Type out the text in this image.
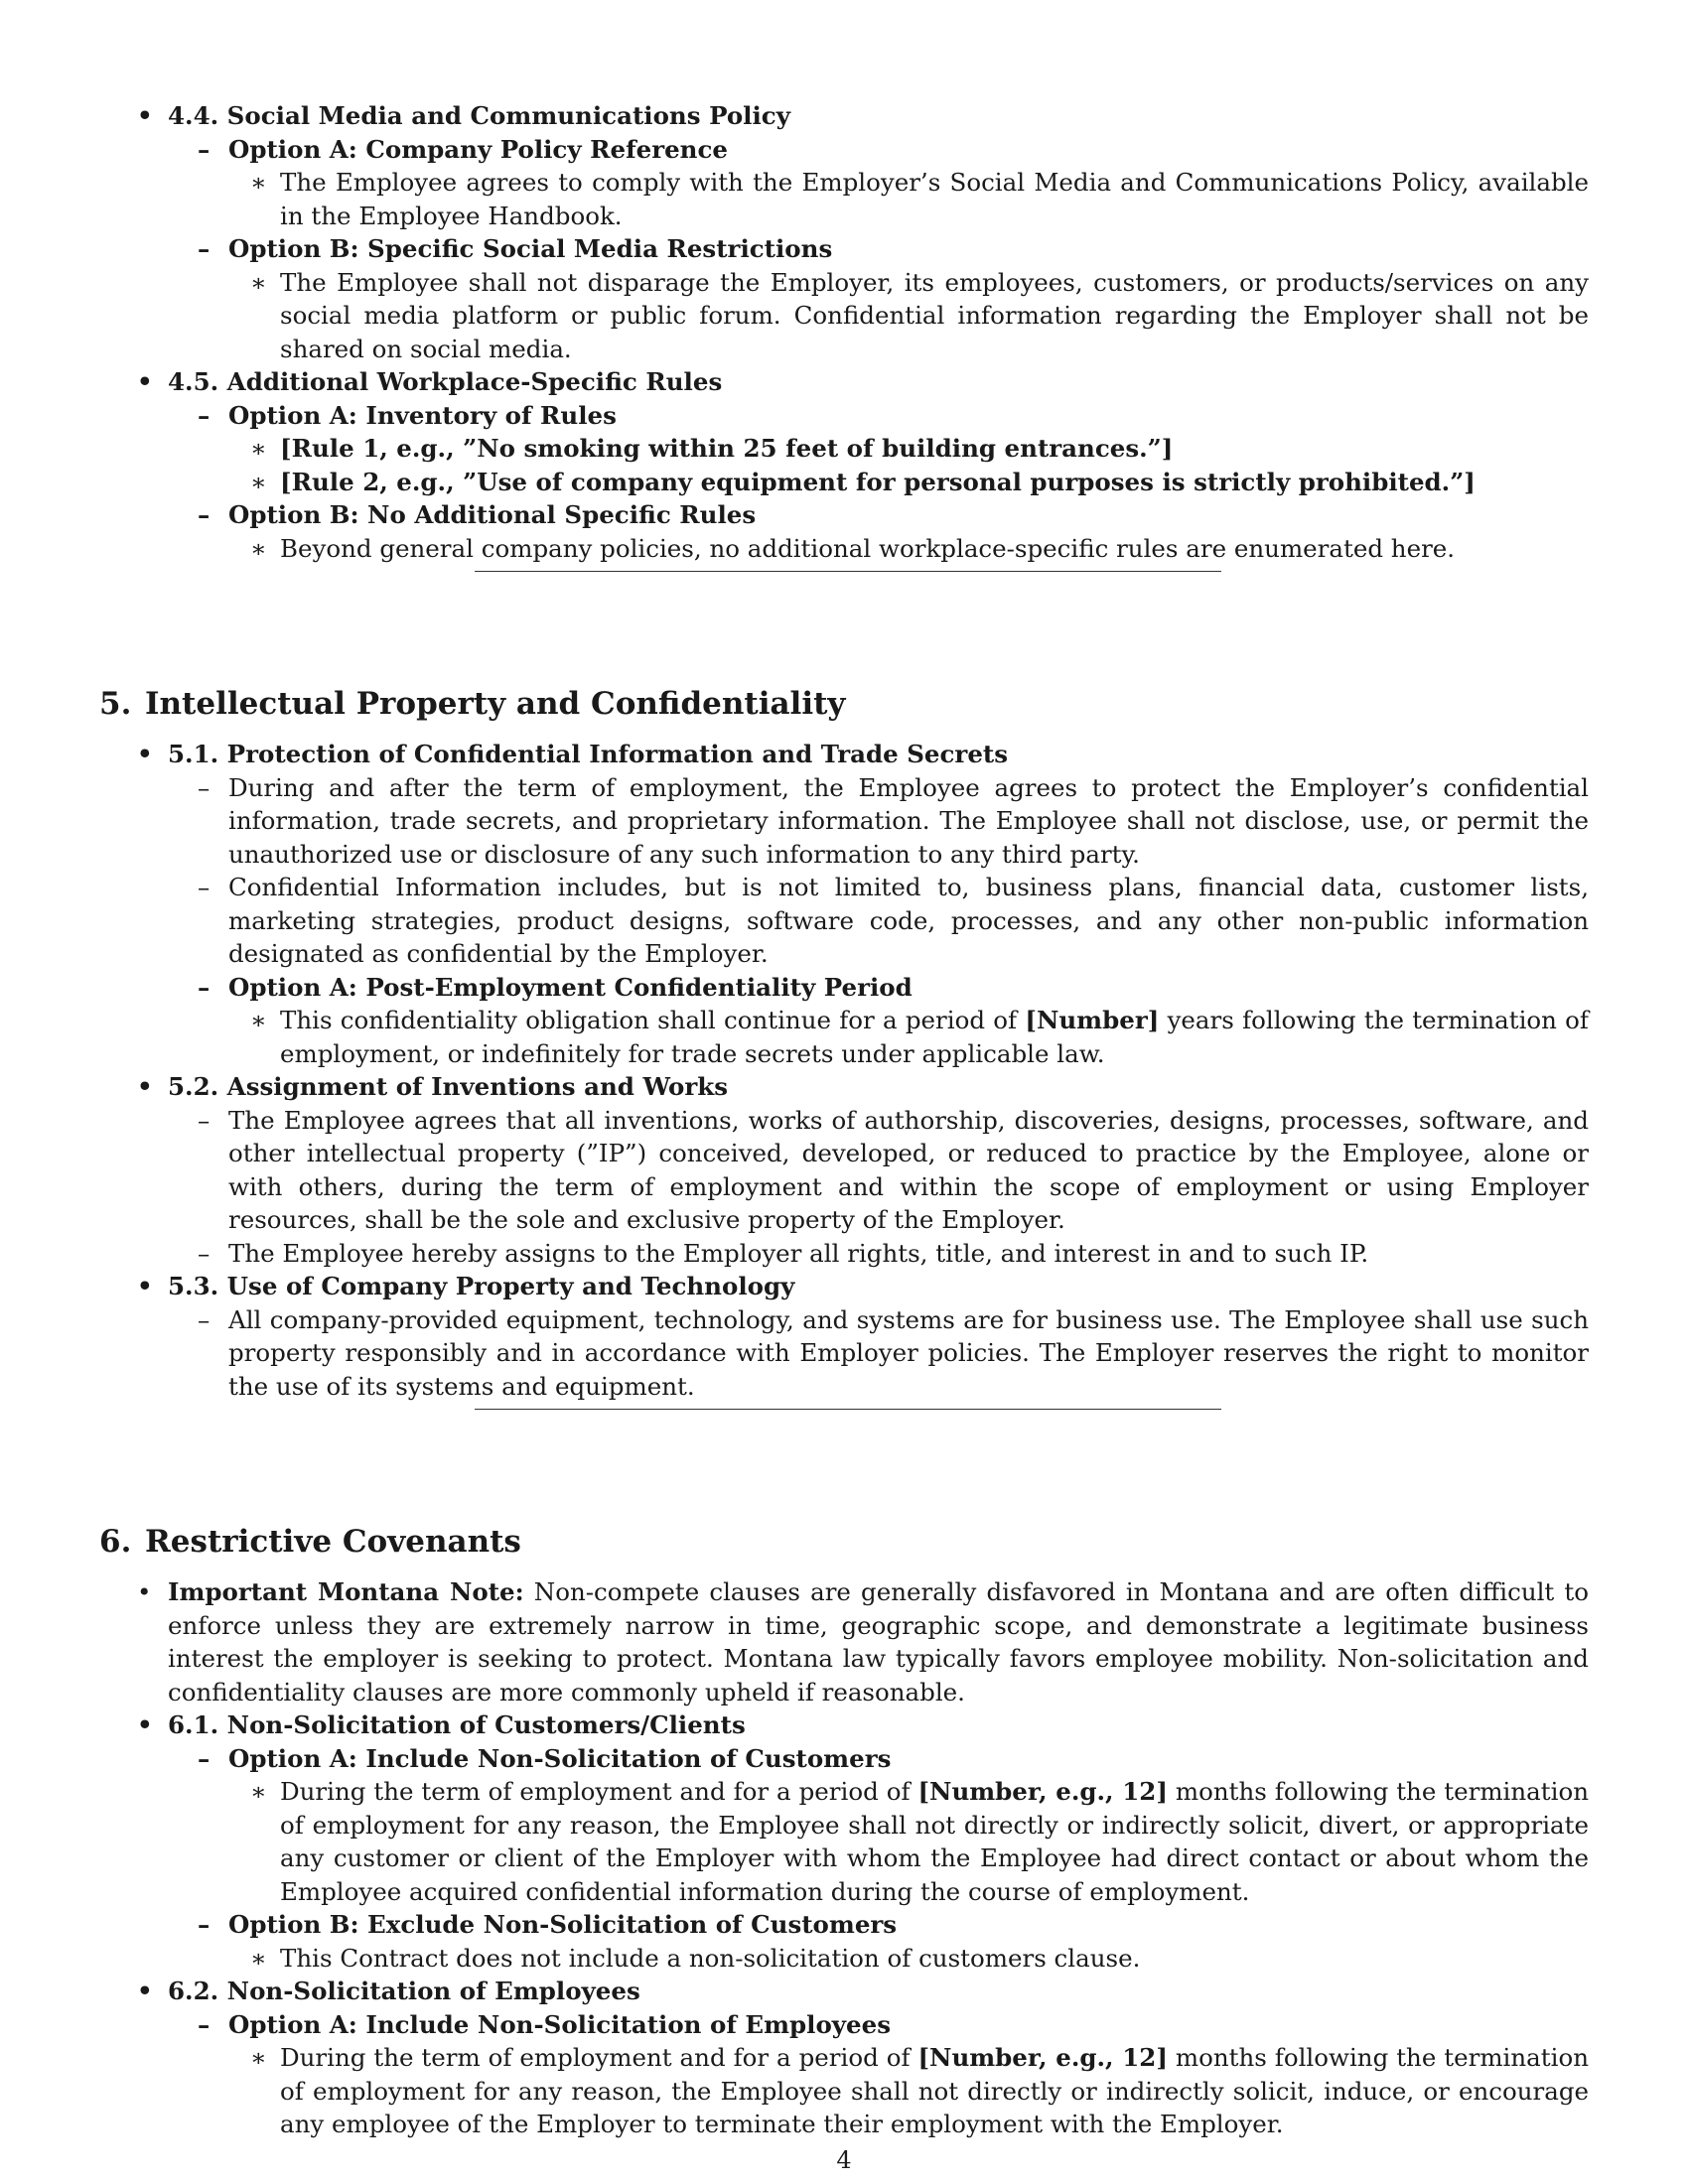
• 4.4. Social Media and Communications Policy
– Option A: Company Policy Reference
∗ The Employee agrees to comply with the Employer’s Social Media and Communications Policy, available in the Employee Handbook.
– Option B: Specific Social Media Restrictions
∗ The Employee shall not disparage the Employer, its employees, customers, or products/services on any social media platform or public forum. Confidential information regarding the Employer shall not be shared on social media.
• 4.5. Additional Workplace-Specific Rules
– Option A: Inventory of Rules
∗ [Rule 1, e.g., ”No smoking within 25 feet of building entrances.”]
∗ [Rule 2, e.g., ”Use of company equipment for personal purposes is strictly prohibited.”]
– Option B: No Additional Specific Rules
∗ Beyond general company policies, no additional workplace-specific rules are enumerated here.
5. Intellectual Property and Confidentiality
• 5.1. Protection of Confidential Information and Trade Secrets
– During and after the term of employment, the Employee agrees to protect the Employer’s confidential information, trade secrets, and proprietary information. The Employee shall not disclose, use, or permit the unauthorized use or disclosure of any such information to any third party.
– Confidential Information includes, but is not limited to, business plans, financial data, customer lists, marketing strategies, product designs, software code, processes, and any other non-public information designated as confidential by the Employer.
– Option A: Post-Employment Confidentiality Period
∗ This confidentiality obligation shall continue for a period of [Number] years following the termination of employment, or indefinitely for trade secrets under applicable law.
• 5.2. Assignment of Inventions and Works
– The Employee agrees that all inventions, works of authorship, discoveries, designs, processes, software, and other intellectual property (”IP”) conceived, developed, or reduced to practice by the Employee, alone or with others, during the term of employment and within the scope of employment or using Employer resources, shall be the sole and exclusive property of the Employer.
– The Employee hereby assigns to the Employer all rights, title, and interest in and to such IP.
• 5.3. Use of Company Property and Technology
– All company-provided equipment, technology, and systems are for business use. The Employee shall use such property responsibly and in accordance with Employer policies. The Employer reserves the right to monitor the use of its systems and equipment.
6. Restrictive Covenants
• Important Montana Note: Non-compete clauses are generally disfavored in Montana and are often difficult to enforce unless they are extremely narrow in time, geographic scope, and demonstrate a legitimate business interest the employer is seeking to protect. Montana law typically favors employee mobility. Non-solicitation and confidentiality clauses are more commonly upheld if reasonable.
• 6.1. Non-Solicitation of Customers/Clients
– Option A: Include Non-Solicitation of Customers
∗ During the term of employment and for a period of [Number, e.g., 12] months following the termination of employment for any reason, the Employee shall not directly or indirectly solicit, divert, or appropriate any customer or client of the Employer with whom the Employee had direct contact or about whom the Employee acquired confidential information during the course of employment.
– Option B: Exclude Non-Solicitation of Customers
∗ This Contract does not include a non-solicitation of customers clause.
• 6.2. Non-Solicitation of Employees
– Option A: Include Non-Solicitation of Employees
∗ During the term of employment and for a period of [Number, e.g., 12] months following the termination of employment for any reason, the Employee shall not directly or indirectly solicit, induce, or encourage any employee of the Employer to terminate their employment with the Employer.
4
